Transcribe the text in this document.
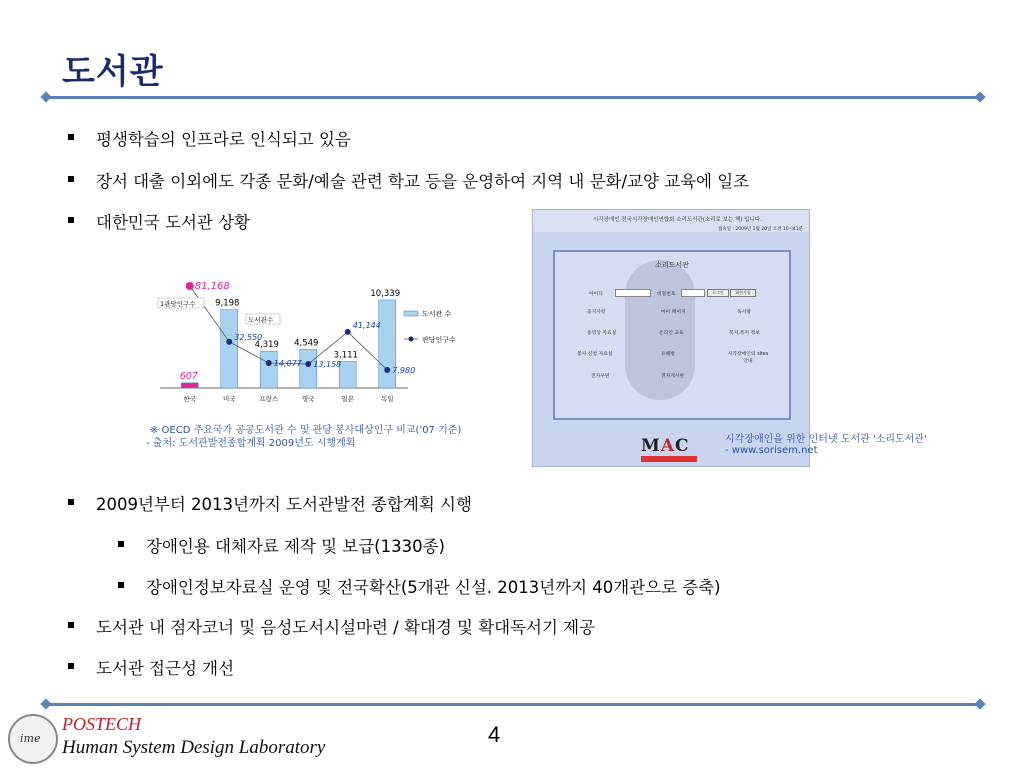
도서관
평생학습의 인프라로 인식되고 있음
장서 대출 이외에도 각종 문화/예술 관련 학교 등을 운영하여 지역 내 문화/교양 교육에 일조
대한민국 도서관 상황
607
한국
9,198
미국
4,319
프랑스
4,549
영국
3,111
일본
10,339
독일
81,168
32,550
14,077 13,158
41,144
7,980
1관당인구수
도서관수
도서관 수
관당인구수
※ OECD 주요국가 공공도서관 수 및 관당 봉사대상인구 비교('07 기준)
- 출처: 도서관발전종합계획 2009년도 시행계획
시각장애인 전국시각장애인연합회 소리도서관(소리로 보는 책) 입니다.
접속일 : 2009년 1월 20일 오전 10시41분
소리도서관
아이디	비밀번호	로그인	회원가입
공지사항	마이 페이지	독서방
동영상 자료실	온라인 교육	복지,복지 정보
봉사 신청 자료실	유해방	시각장애인의 sites 안내
전자우편	전자게시판
MAC	시각장애인을 위한 인터넷 도서관 '소리도서관'
- www.sorisem.net
2009년부터 2013년까지 도서관발전 종합계획 시행
장애인용 대체자료 제작 및 보급(1330종)
장애인정보자료실 운영 및 전국확산(5개관 신설. 2013년까지 40개관으로 증축)
도서관 내 점자코너 및 음성도서시설마련 / 확대경 및 확대독서기 제공
도서관 접근성 개선
ime
POSTECH
Human System Design Laboratory
4
